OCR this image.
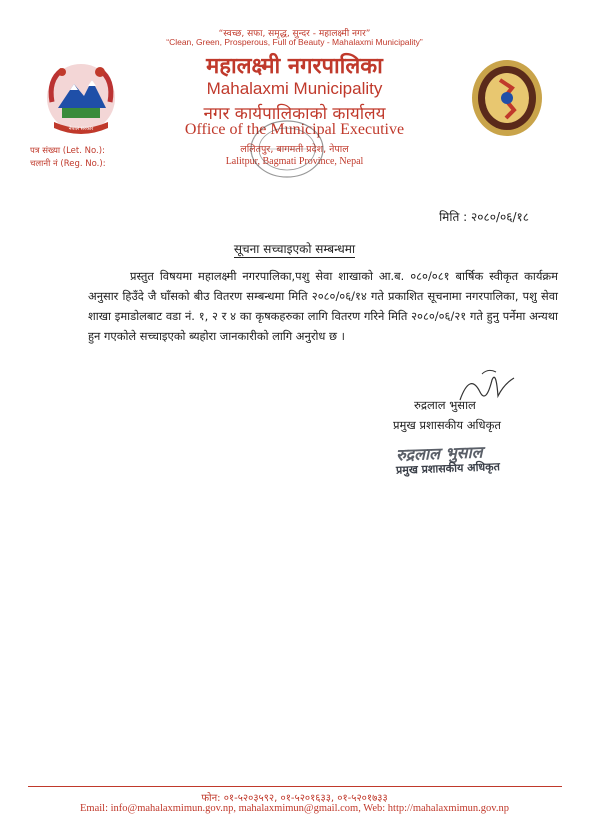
नेपाल सरकार
“स्वच्छ, सफा, समृद्ध, सुन्दर - महालक्ष्मी नगर”
“Clean, Green, Prosperous, Full of Beauty - Mahalaxmi Municipality”
महालक्ष्मी नगरपालिका
Mahalaxmi Municipality
नगर कार्यपालिकाको कार्यालय
Office of the Municipal Executive
ललितपुर, बागमती प्रदेश, नेपाल
Lalitpur, Bagmati Province, Nepal
पत्र संख्या (Let. No.):
चलानी नं (Reg. No.):
मिति : २०८०/०६/१८
सूचना सच्चाइएको सम्बन्धमा
प्रस्तुत विषयमा महालक्ष्मी नगरपालिका,पशु सेवा शाखाको आ.ब. ०८०/०८१ बार्षिक स्वीकृत कार्यक्रम अनुसार हिउँदे जै घाँसको बीउ वितरण सम्बन्धमा मिति २०८०/०६/१४ गते प्रकाशित सूचनामा नगरपालिका, पशु सेवा शाखा इमाडोलबाट वडा नं. १, २ र ४ का कृषकहरुका लागि वितरण गरिने मिति २०८०/०६/२१ गते हुनु पर्नेमा अन्यथा हुन गएकोले सच्चाइएको ब्यहोरा जानकारीको लागि अनुरोध छ ।
रुद्रलाल भुसाल
प्रमुख प्रशासकीय अधिकृत
रुद्रलाल भुसाल
प्रमुख प्रशासकीय अधिकृत
फोन: ०१-५२०३५९२, ०१-५२०१६३३, ०१-५२०१७३३
Email: info@mahalaxmimun.gov.np, mahalaxmimun@gmail.com, Web: http://mahalaxmimun.gov.np
